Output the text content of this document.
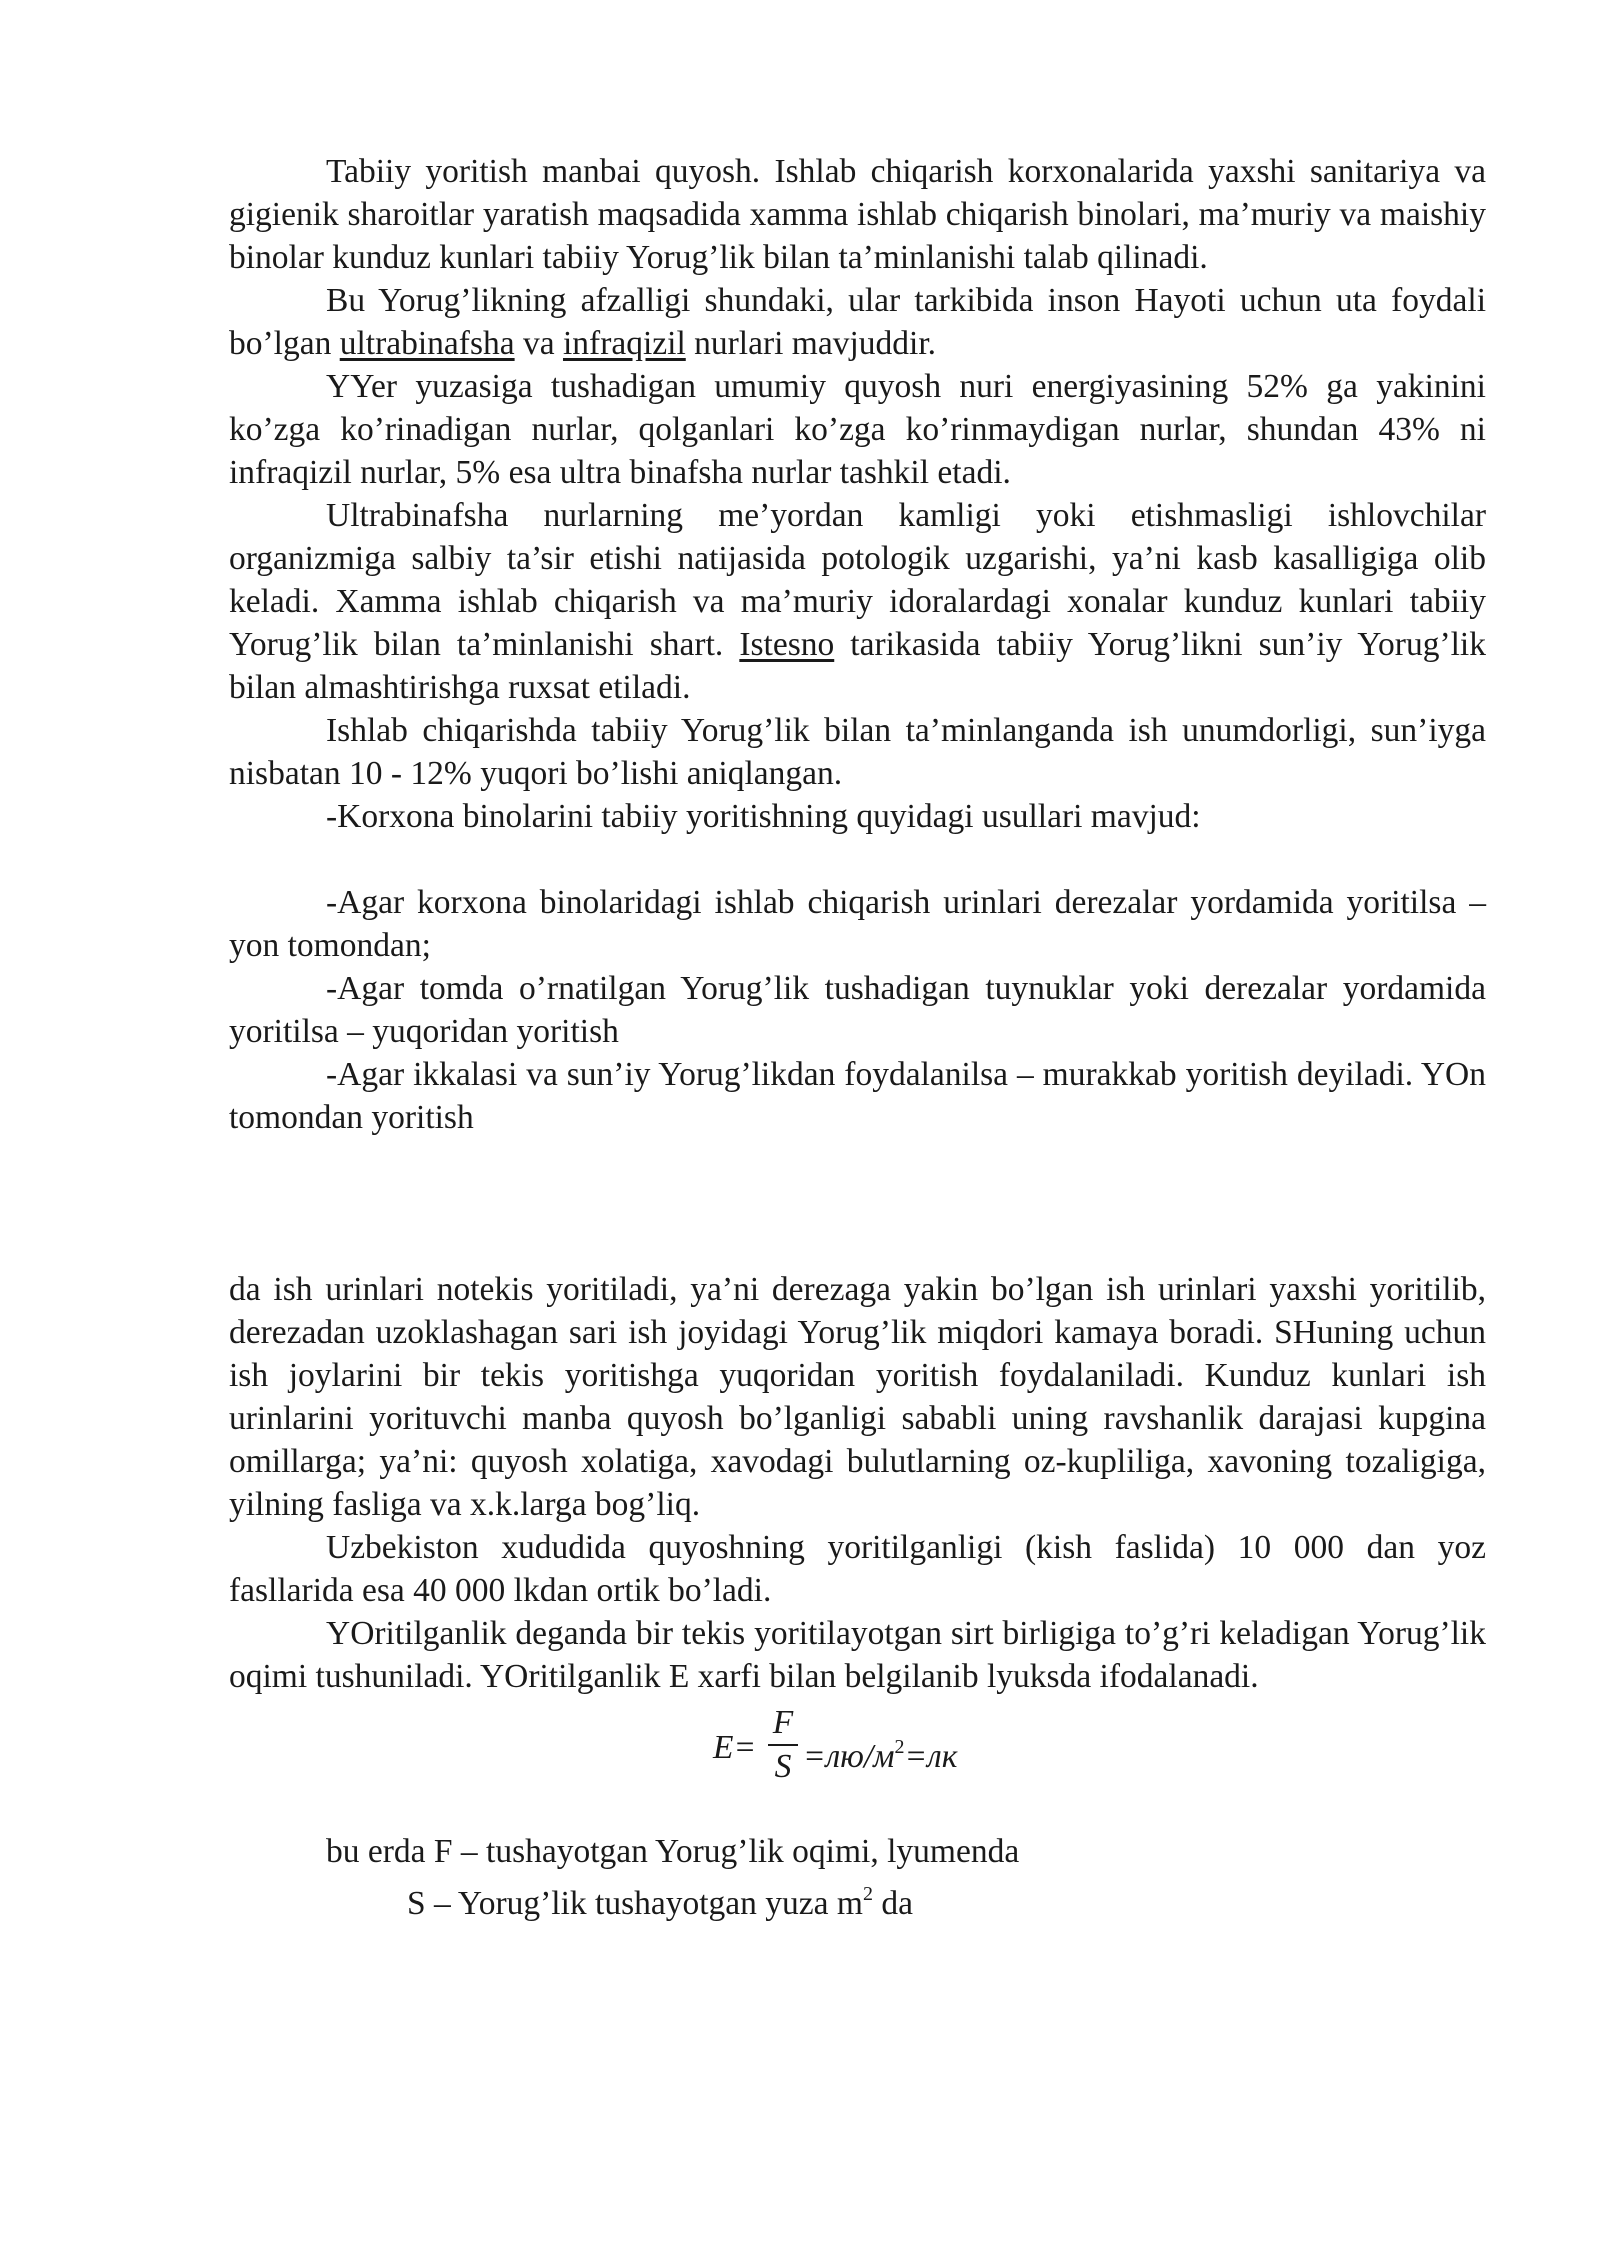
Tabiiy yoritish manbai quyosh. Ishlab chiqarish korxonalarida yaxshi sanitariya va gigienik sharoitlar yaratish maqsadida xamma ishlab chiqarish binolari, ma’muriy va maishiy binolar kunduz kunlari tabiiy Yorug’lik bilan ta’minlanishi talab qilinadi.

Bu Yorug’likning afzalligi shundaki, ular tarkibida inson Hayoti uchun uta foydali bo’lgan ultrabinafsha va infraqizil nurlari mavjuddir.

YYer yuzasiga tushadigan umumiy quyosh nuri energiyasining 52% ga yakinini ko’zga ko’rinadigan nurlar, qolganlari ko’zga ko’rinmaydigan nurlar, shundan 43% ni infraqizil nurlar, 5% esa ultra binafsha nurlar tashkil etadi.

Ultrabinafsha nurlarning me’yordan kamligi yoki etishmasligi ishlovchilar organizmiga salbiy ta’sir etishi natijasida potologik uzgarishi, ya’ni kasb kasalligiga olib keladi. Xamma ishlab chiqarish va ma’muriy idoralardagi xonalar kunduz kunlari tabiiy Yorug’lik bilan ta’minlanishi shart. Istesno tarikasida tabiiy Yorug’likni sun’iy Yorug’lik bilan almashtirishga ruxsat etiladi.

Ishlab chiqarishda tabiiy Yorug’lik bilan ta’minlanganda ish unumdorligi, sun’iyga nisbatan 10 - 12% yuqori bo’lishi aniqlangan.

-Korxona binolarini tabiiy yoritishning quyidagi usullari mavjud:

-Agar korxona binolaridagi ishlab chiqarish urinlari derezalar yordamida yoritilsa – yon tomondan;

-Agar tomda o’rnatilgan Yorug’lik tushadigan tuynuklar yoki derezalar yordamida yoritilsa – yuqoridan yoritish

-Agar ikkalasi va sun’iy Yorug’likdan foydalanilsa – murakkab yoritish deyiladi. YOn tomondan yoritish

da ish urinlari notekis yoritiladi, ya’ni derezaga yakin bo’lgan ish urinlari yaxshi yoritilib, derezadan uzoklashagan sari ish joyidagi Yorug’lik miqdori kamaya boradi. SHuning uchun ish joylarini bir tekis yoritishga yuqoridan yoritish foydalaniladi. Kunduz kunlari ish urinlarini yorituvchi manba quyosh bo’lganligi sababli uning ravshanlik darajasi kupgina omillarga; ya’ni: quyosh xolatiga, xavodagi bulutlarning oz-kupliliga, xavoning tozaligiga, yilning fasliga va x.k.larga bog’liq.

Uzbekiston xududida quyoshning yoritilganligi (kish faslida) 10 000 dan yoz fasllarida esa 40 000 lkdan ortik bo’ladi.

YOritilganlik deganda bir tekis yoritilayotgan sirt birligiga to’g’ri keladigan Yorug’lik oqimi tushuniladi. YOritilganlik E xarfi bilan belgilanib lyuksda ifodalanadi.

E=
F
$S =лю/м^2=лк$
bu erda F – tushayotgan Yorug’lik oqimi, lyumenda
S – Yorug’lik tushayotgan yuza $m^2$ da
